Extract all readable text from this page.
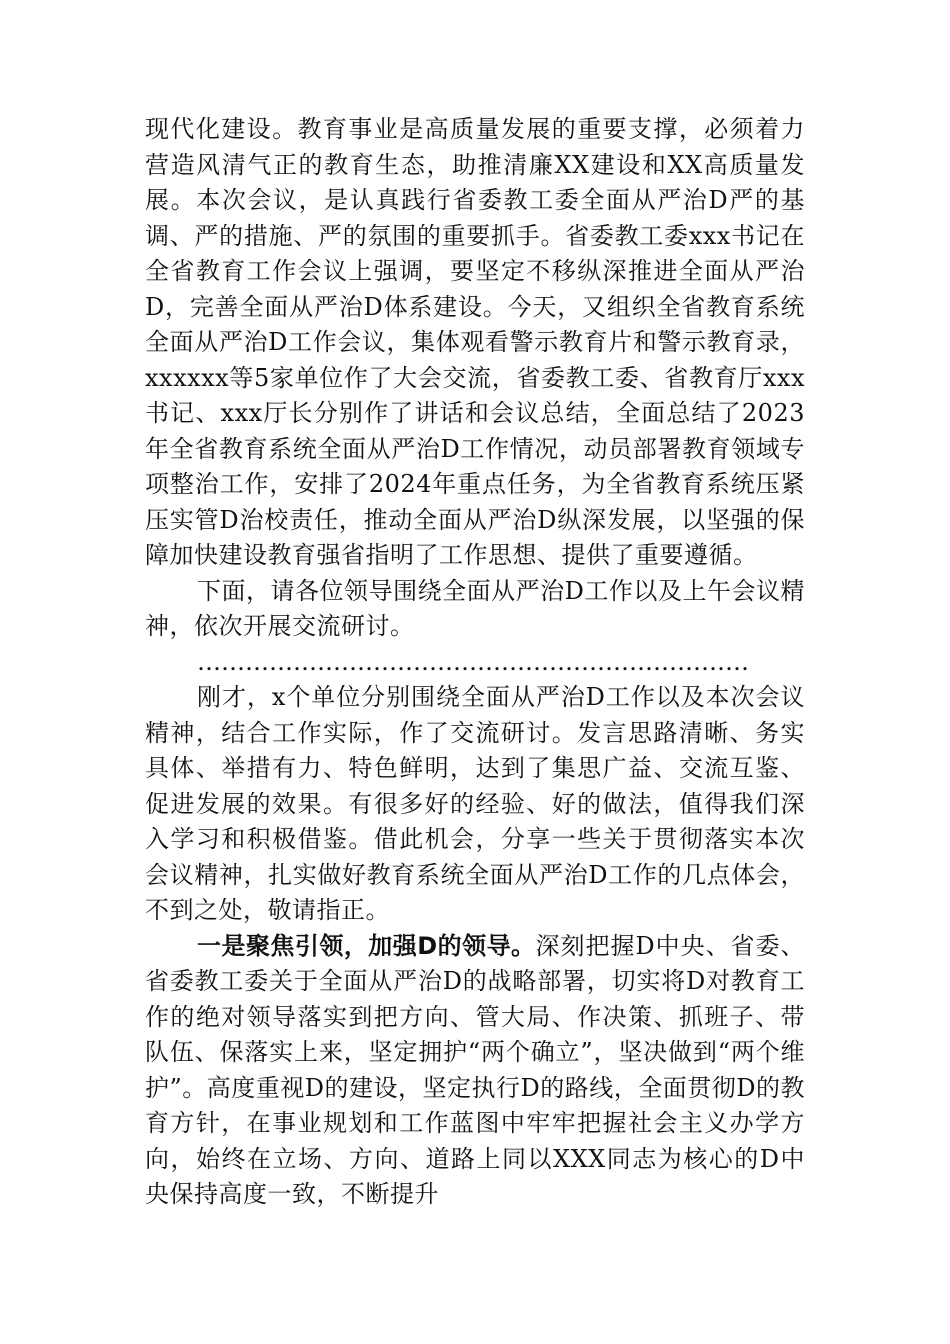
现代化建设。教育事业是高质量发展的重要支撑，必须着力营造风清气正的教育生态，助推清廉XX建设和XX高质量发展。本次会议，是认真践行省委教工委全面从严治D严的基调、严的措施、严的氛围的重要抓手。省委教工委xxx书记在全省教育工作会议上强调，要坚定不移纵深推进全面从严治D，完善全面从严治D体系建设。今天，又组织全省教育系统全面从严治D工作会议，集体观看警示教育片和警示教育录，xxxxxx等5家单位作了大会交流，省委教工委、省教育厅xxx书记、xxx厅长分别作了讲话和会议总结，全面总结了2023年全省教育系统全面从严治D工作情况，动员部署教育领域专项整治工作，安排了2024年重点任务，为全省教育系统压紧压实管D治校责任，推动全面从严治D纵深发展，以坚强的保障加快建设教育强省指明了工作思想、提供了重要遵循。

下面，请各位领导围绕全面从严治D工作以及上午会议精神，依次开展交流研讨。

……………………………………………………………

刚才，x个单位分别围绕全面从严治D工作以及本次会议精神，结合工作实际，作了交流研讨。发言思路清晰、务实具体、举措有力、特色鲜明，达到了集思广益、交流互鉴、促进发展的效果。有很多好的经验、好的做法，值得我们深入学习和积极借鉴。借此机会，分享一些关于贯彻落实本次会议精神，扎实做好教育系统全面从严治D工作的几点体会，不到之处，敬请指正。

一是聚焦引领，加强D的领导。深刻把握D中央、省委、省委教工委关于全面从严治D的战略部署，切实将D对教育工作的绝对领导落实到把方向、管大局、作决策、抓班子、带队伍、保落实上来，坚定拥护“两个确立”，坚决做到“两个维护”。高度重视D的建设，坚定执行D的路线，全面贯彻D的教育方针，在事业规划和工作蓝图中牢牢把握社会主义办学方向，始终在立场、方向、道路上同以XXX同志为核心的D中央保持高度一致，不断提升
